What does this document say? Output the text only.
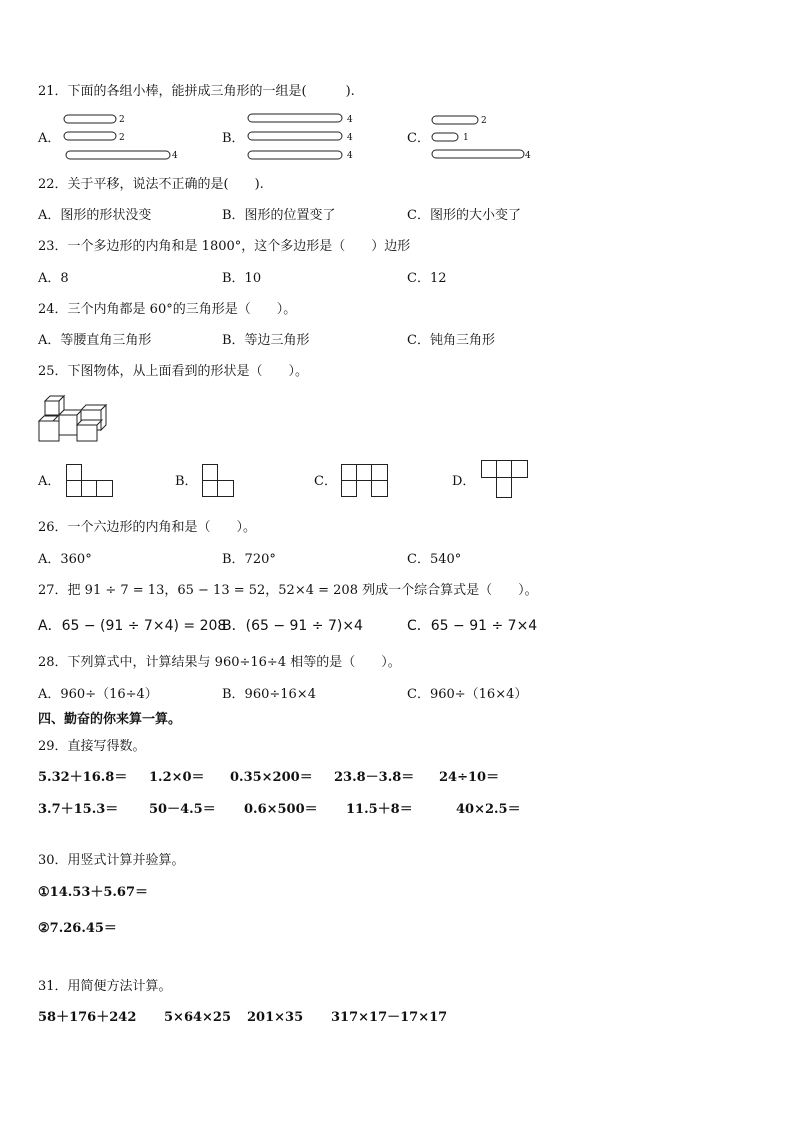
21．下面的各组小棒，能拼成三角形的一组是(　　　).
A．
2
2
4
B．
4
4
4
C．
2
1
4
22．关于平移，说法不正确的是(　　).
A．图形的形状没变	B．图形的位置变了	C．图形的大小变了
23．一个多边形的内角和是 1800°，这个多边形是（　　）边形
A．8	B．10	C．12
24．三个内角都是 60°的三角形是（　　）。
A．等腰直角三角形	B．等边三角形	C．钝角三角形
25．下图物体，从上面看到的形状是（　　）。
A．	B．	C．	D．
26．一个六边形的内角和是（　　）。
A．360°	B．720°	C．540°
27．把 91 ÷ 7 = 13，65 − 13 = 52，52×4 = 208 列成一个综合算式是（　　）。
A．65 − (91 ÷ 7×4) = 208
B．(65 − 91 ÷ 7)×4	C．65 − 91 ÷ 7×4
28．下列算式中，计算结果与 960÷16÷4 相等的是（　　）。
A．960÷（16÷4）	B．960÷16×4	C．960÷（16×4）
四、勤奋的你来算一算。
29．直接写得数。
5.32＋16.8＝ 1.2×0＝ 0.35×200＝ 23.8－3.8＝ 24÷10＝
3.7＋15.3＝ 50－4.5＝ 0.6×500＝ 11.5＋8＝	40×2.5＝
30．用竖式计算并验算。
①14.53＋5.67＝
②7.26.45＝
31．用简便方法计算。
58＋176＋242 5×64×25 201×35 317×17－17×17
